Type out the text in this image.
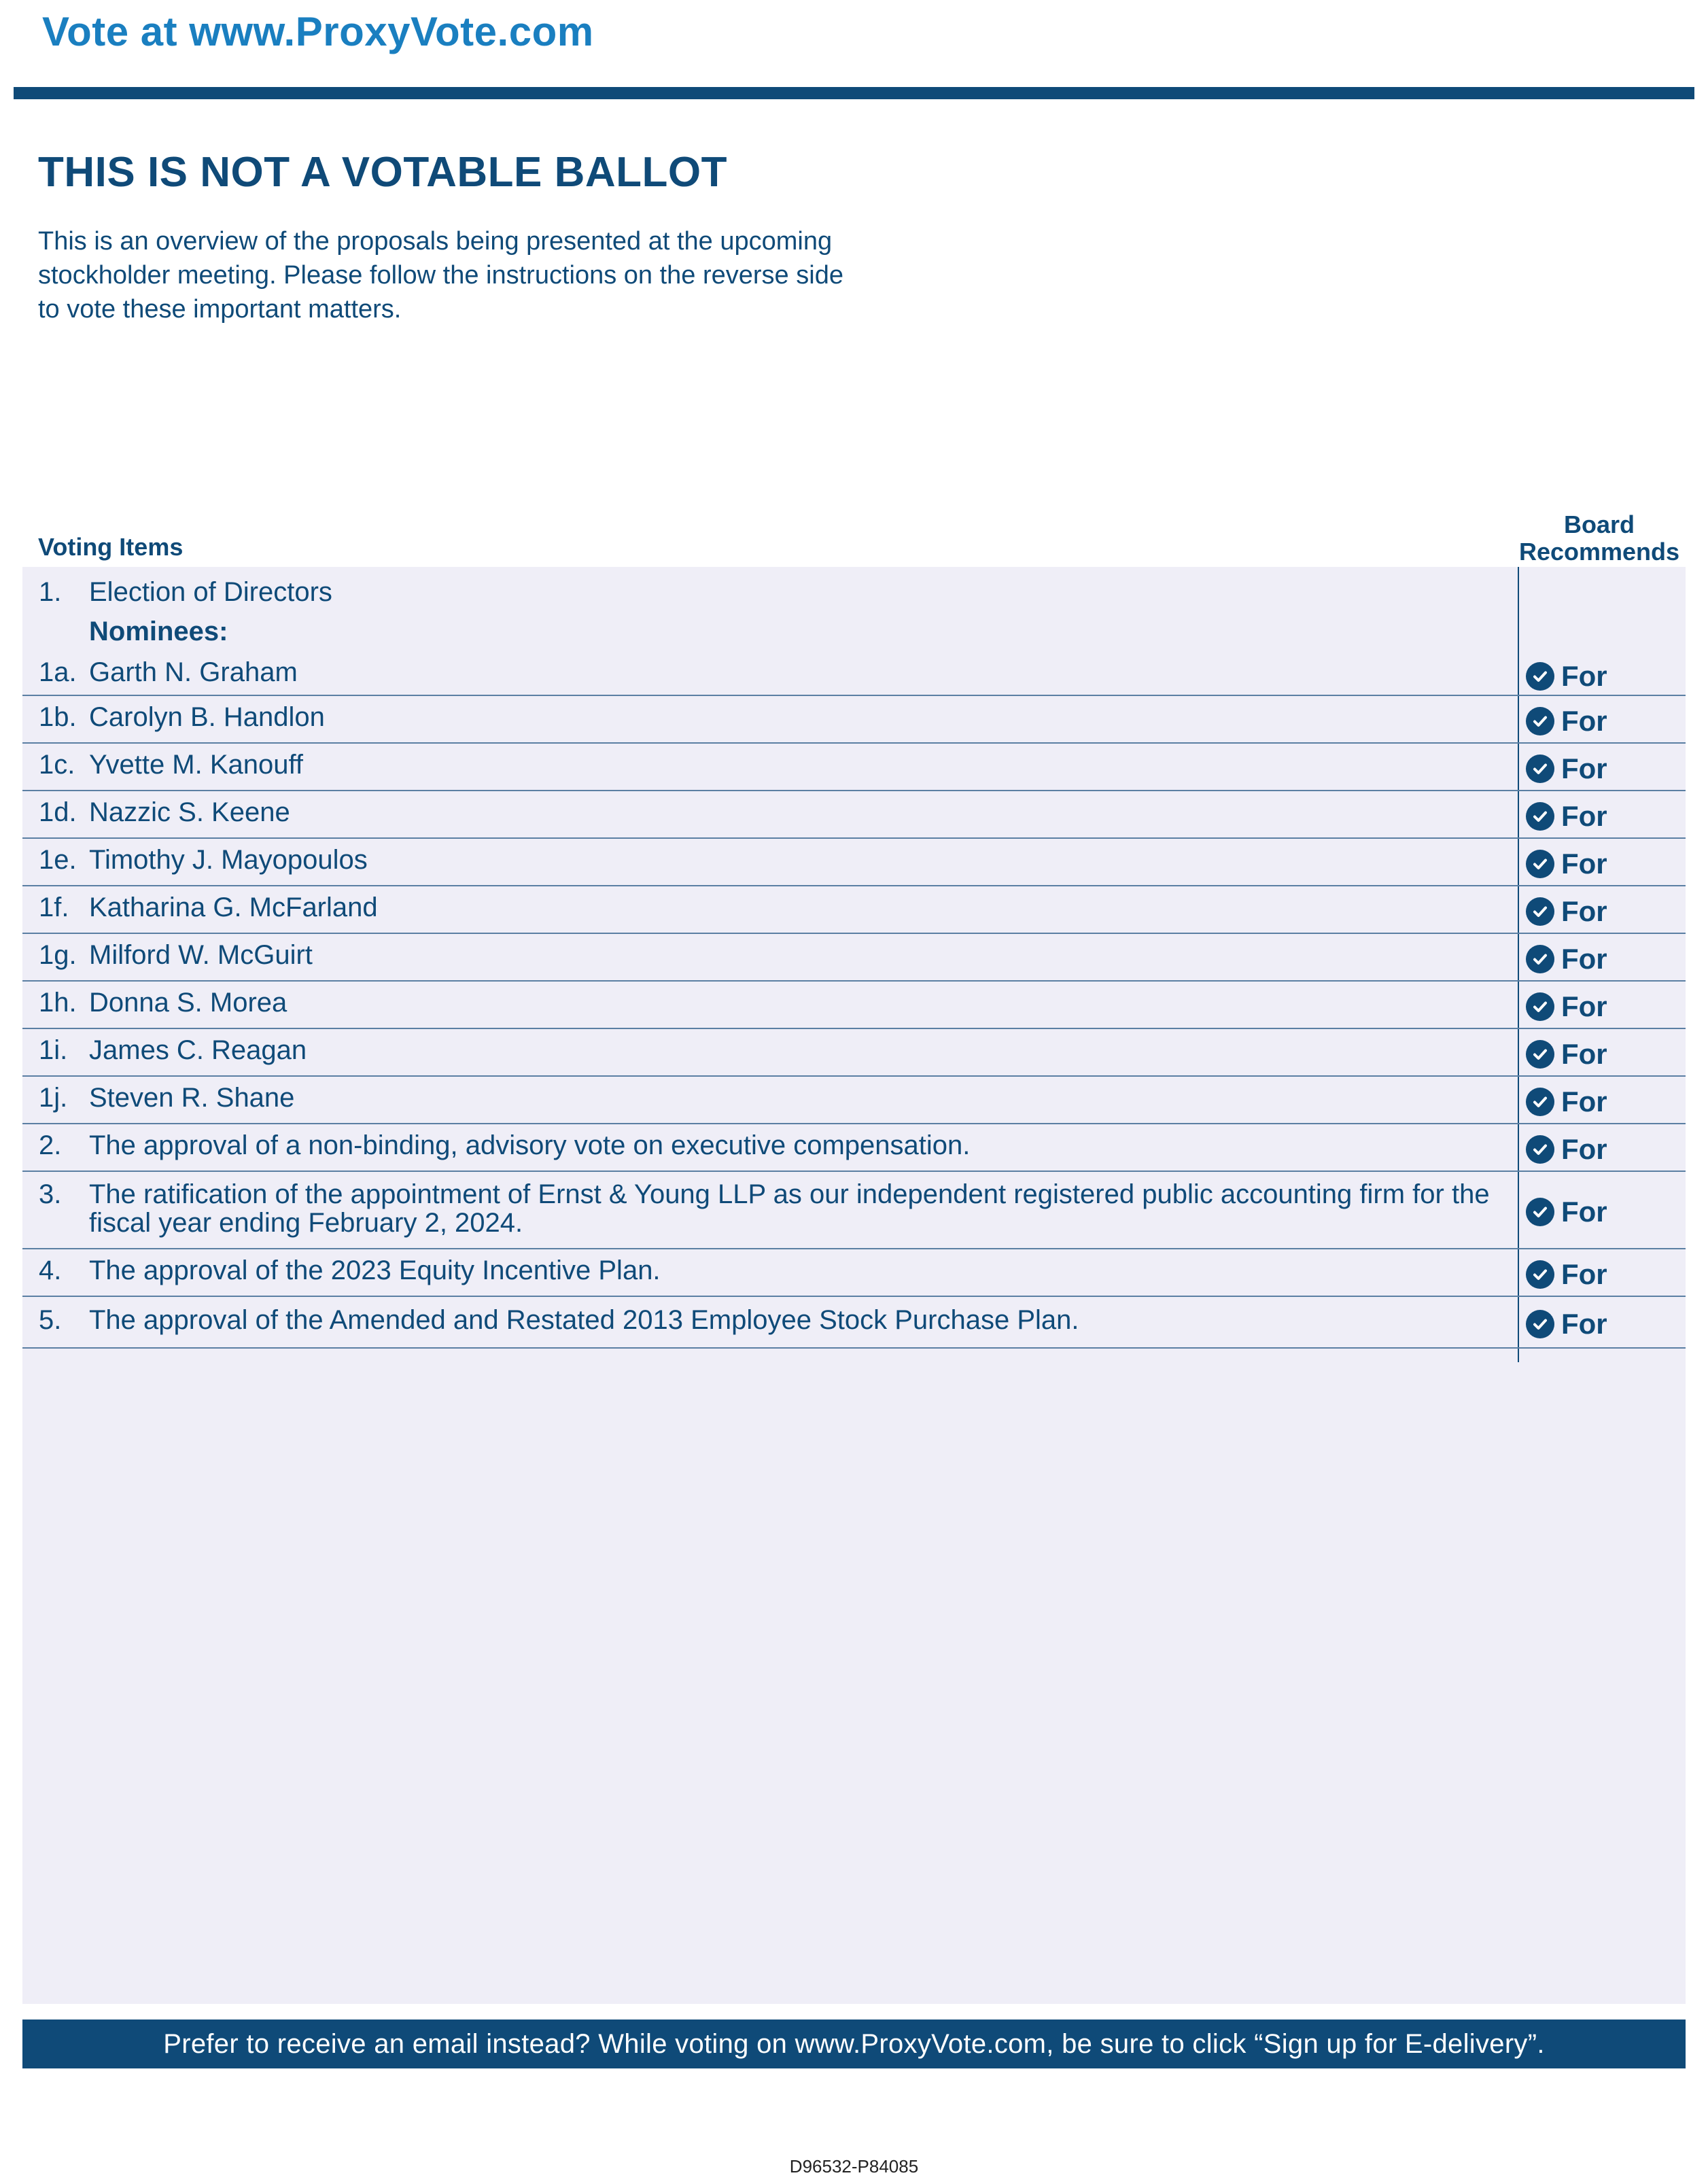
Vote at www.ProxyVote.com
THIS IS NOT A VOTABLE BALLOT
This is an overview of the proposals being presented at the upcoming stockholder meeting. Please follow the instructions on the reverse side to vote these important matters.
Voting Items
Board Recommends
1. Election of Directors
Nominees:
1a. Garth N. Graham	For
1b. Carolyn B. Handlon	For
1c. Yvette M. Kanouff	For
1d. Nazzic S. Keene	For
1e. Timothy J. Mayopoulos	For
1f. Katharina G. McFarland	For
1g. Milford W. McGuirt	For
1h. Donna S. Morea	For
1i. James C. Reagan	For
1j. Steven R. Shane	For
2. The approval of a non-binding, advisory vote on executive compensation.	For
3. The ratification of the appointment of Ernst & Young LLP as our independent registered public accounting firm for the fiscal year ending February 2, 2024.	For
4. The approval of the 2023 Equity Incentive Plan.	For
5. The approval of the Amended and Restated 2013 Employee Stock Purchase Plan.	For
Prefer to receive an email instead? While voting on www.ProxyVote.com, be sure to click “Sign up for E-delivery”.
D96532-P84085
